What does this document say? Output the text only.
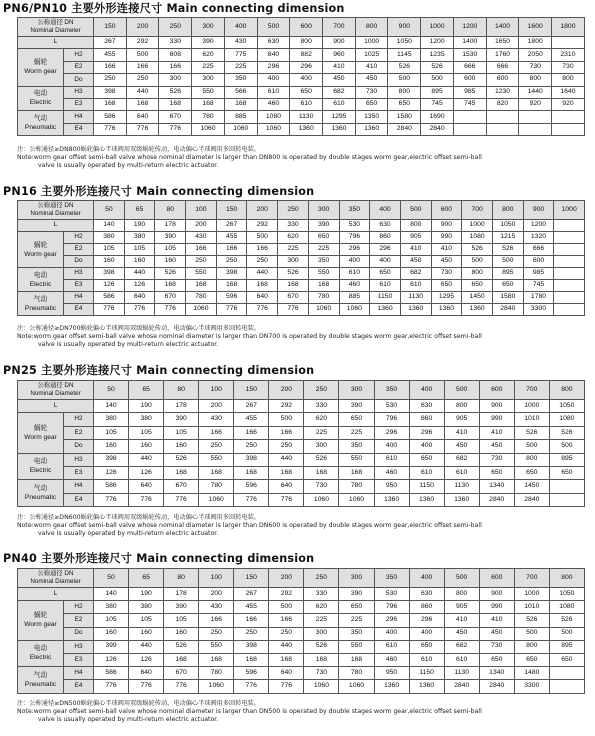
PN6/PN10 主要外形连接尺寸 Main connecting dimension
公称通径 DN
Nominal Diameter		150	200	250	300	400	500	600	700	800	900	1000	1200	1400	1600	1800
L		267	292	330	390	430	630	800	900	1000	1050	1200	1400	1650	1800	

蜗轮
Worm gear	H2	455	500	608	620	775	840	882	960	1025	1145	1235	1530	1760	2050	2310
	E2	166	166	166	225	225	296	296	410	410	526	526	666	666	730	730
	Do	250	250	300	300	350	400	400	450	450	500	500	600	600	800	800

电动
Electric	H3	398	440	526	550	566	610	650	682	730	800	895	985	1230	1440	1640
	E3	168	168	168	168	168	460	610	610	650	650	745	745	820	920	920

气动
Pneumatic	H4	586	640	670	780	885	1080	1130	1295	1350	1580	1690				
	E4	776	776	776	1060	1060	1060	1360	1360	1360	2840	2840				
注：公称通径≥DN800蜗轮偏心半球阀用双级蜗轮传动，电动偏心半球阀用多回转电装。
Note:worm gear offset semi-ball valve whose nominal diameter is larger than DN800 is operated by double stages worm gear,electric offset semi-ball
valve is usually operated by multi-return electric actuator.
PN16 主要外形连接尺寸 Main connecting dimension
公称通径 DN
Nominal Diameter		50	65	80	100	150	200	250	300	350	400	500	600	700	800	900	1000
L		140	190	178	200	267	292	330	390	530	630	800	900	1000	1050	1200	

蜗轮
Worm gear	H2	380	380	390	430	455	500	620	650	796	860	905	990	1080	1215	1320	
	E2	105	105	105	166	166	166	225	225	296	296	410	410	526	526	666	
	Do	160	160	160	250	250	250	300	350	400	400	450	450	500	500	600	

电动
Electric	H3	398	440	526	550	398	440	526	550	610	650	682	730	800	895	985	
	E3	126	126	168	168	168	168	168	168	460	610	610	650	650	650	745	

气动
Pneumatic	H4	586	640	670	780	596	640	670	780	885	1150	1130	1295	1450	1580	1780	
	E4	776	776	776	1060	776	776	776	1060	1060	1360	1360	1360	1360	2840	3300	
注：公称通径≥DN700蜗轮偏心半球阀用双级蜗轮传动，电动偏心半球阀用多回转电装。
Note:worm gear offset semi-ball valve whose nominal diameter is larger than DN700 is operated by double stages worm gear,electric offset semi-ball
valve is usually operated by multi-return electric actuator.
PN25 主要外形连接尺寸 Main connecting dimension
公称通径 DN
Nominal Diameter		50	65	80	100	150	200	250	300	350	400	500	600	700	800
L		140	190	178	200	267	292	330	390	530	630	800	900	1000	1050

蜗轮
Worm gear	H2	380	380	390	430	455	500	620	650	796	860	905	990	1010	1080
	E2	105	105	105	166	166	166	225	225	296	296	410	410	526	526
	Do	160	160	160	250	250	250	300	350	400	400	450	450	500	500

电动
Electric	H3	398	440	526	550	398	440	526	550	610	650	682	730	800	895
	E3	126	126	168	168	168	168	168	168	460	610	610	650	650	650

气动
Pneumatic	H4	586	640	670	780	596	640	730	780	950	1150	1130	1340	1450	
	E4	776	776	776	1060	776	776	1060	1060	1360	1360	1360	2840	2840	
注：公称通径≥DN600蜗轮偏心半球阀用双级蜗轮传动，电动偏心半球阀用多回转电装。
Note:worm gear offset semi-ball valve whose nominal diameter is larger than DN600 is operated by double stages worm gear,electric offset semi-ball
valve is usually operated by multi-return electric actuator.
PN40 主要外形连接尺寸 Main connecting dimension
公称通径 DN
Nominal Diameter		50	65	80	100	150	200	250	300	350	400	500	600	700	800
L		140	190	178	200	267	292	330	390	530	630	800	900	1000	1050

蜗轮
Worm gear	H2	380	380	390	430	455	500	620	650	796	860	905	990	1010	1080
	E2	105	105	105	166	166	166	225	225	296	296	410	410	526	526
	Do	160	160	160	250	250	250	300	350	400	400	450	450	500	500

电动
Electric	H3	399	440	526	550	398	440	526	550	610	650	682	730	800	895
	E3	126	126	168	168	168	168	168	168	460	610	610	650	650	650

气动
Pneumatic	H4	586	640	670	780	596	640	730	780	950	1150	1130	1340	1480	
	E4	776	776	776	1060	776	776	1060	1060	1360	1360	2840	2840	3300	
注：公称通径≥DN500蜗轮偏心半球阀用双级蜗轮传动，电动偏心半球阀用多回转电装。
Note:worm gear offset semi-ball valve whose nominal diameter is larger than DN500 is operated by double stages worm gear,electric offset semi-ball
valve is usually operated by multi-return electric actuator.
